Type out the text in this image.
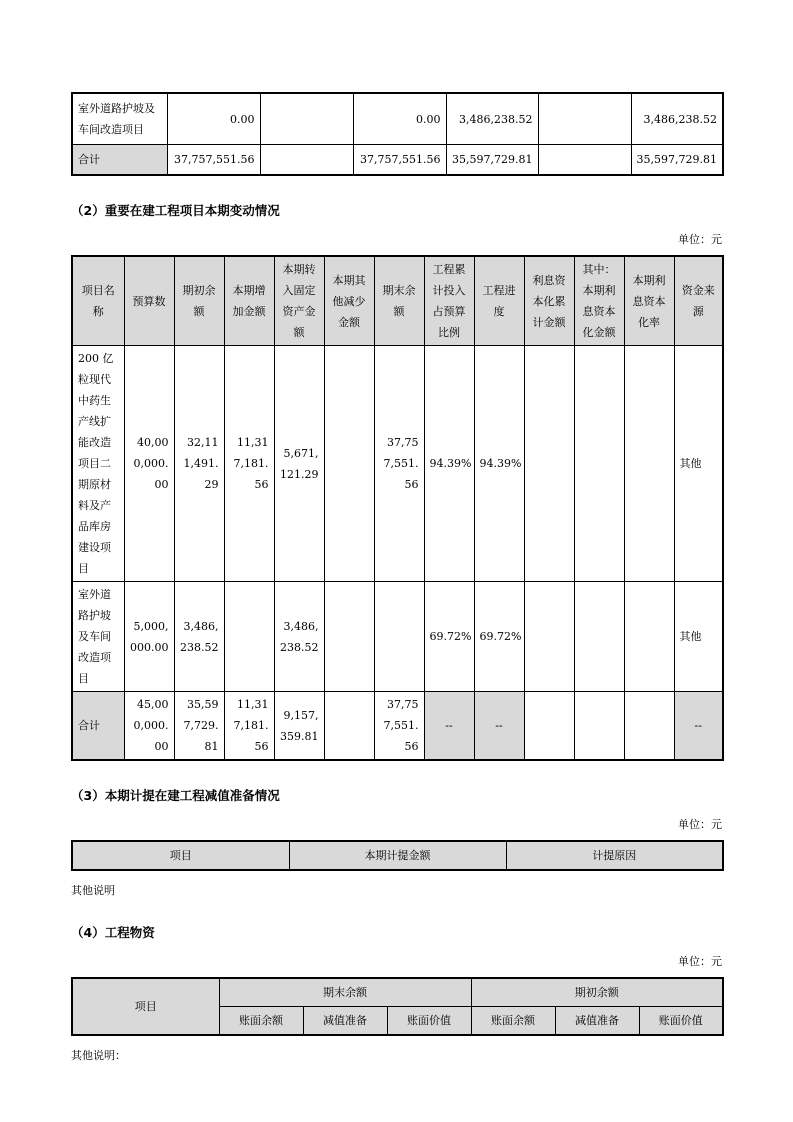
室外道路护坡及车间改造项目	0.00		0.00	3,486,238.52		3,486,238.52
合计	37,757,551.56		37,757,551.56	35,597,729.81		35,597,729.81
（2）重要在建工程项目本期变动情况
单位：元
项目名称	预算数	期初余额	本期增加金额	本期转入固定资产金额	本期其他减少金额	期末余额	工程累计投入占预算比例	工程进度	利息资本化累计金额	其中：本期利息资本化金额	本期利息资本化率	资金来源
200 亿粒现代中药生产线扩能改造项目二期原材料及产品库房建设项目	40,000,000.00	32,111,491.29	11,317,181.56	5,671,121.29		37,757,551.56	94.39%	94.39%				其他
室外道路护坡及车间改造项目	5,000,000.00	3,486,238.52		3,486,238.52			69.72%	69.72%				其他
合计	45,000,000.00	35,597,729.81	11,317,181.56	9,157,359.81		37,757,551.56	--	--				--
（3）本期计提在建工程减值准备情况
单位：元
项目	本期计提金额	计提原因
其他说明
（4）工程物资
单位：元
项目	期末余额			期初余额		
	账面余额	减值准备	账面价值	账面余额	减值准备	账面价值
其他说明：
